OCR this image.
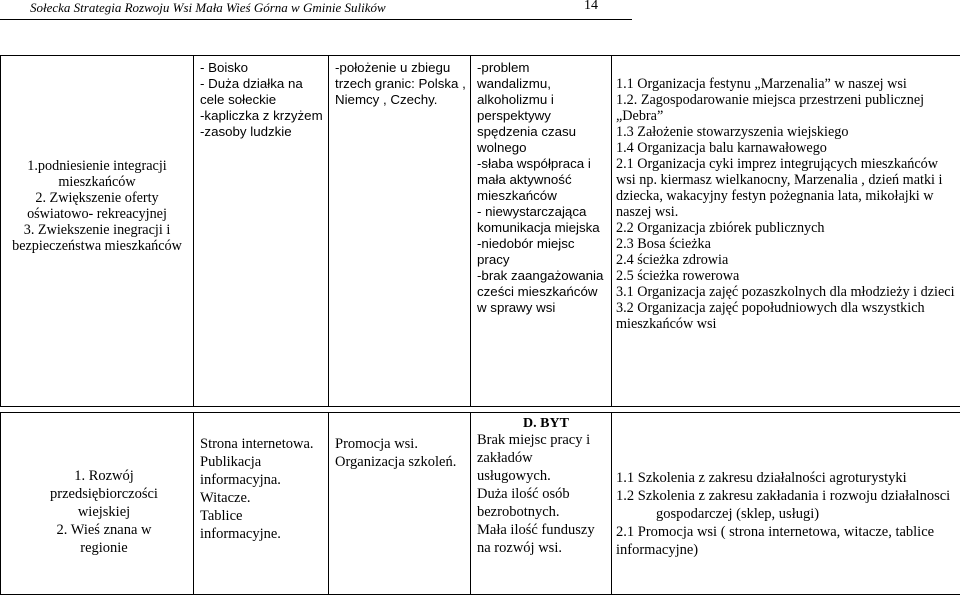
Sołecka Strategia Rozwoju Wsi Mała Wieś Górna w Gminie Sulików	14
1.podniesienie integracji mieszkańców
2. Zwiększenie oferty oświatowo- rekreacyjnej
3. Zwiekszenie inegracji i bezpieczeństwa mieszkańców

- Boisko
- Duża działka na cele sołeckie
-kapliczka z krzyżem
-zasoby ludzkie

-położenie u zbiegu trzech granic: Polska , Niemcy , Czechy.

-problem wandalizmu, alkoholizmu i perspektywy spędzenia czasu wolnego
-słaba współpraca i mała aktywność mieszkańców
- niewystarczająca komunikacja miejska
-niedobór miejsc pracy
-brak zaangażowania cześci mieszkańców w sprawy wsi

1.1 Organizacja festynu „Marzenalia” w naszej wsi
1.2. Zagospodarowanie miejsca przestrzeni publicznej „Debra”
1.3 Założenie stowarzyszenia wiejskiego
1.4 Organizacja balu karnawałowego
2.1 Organizacja cyki imprez integrujących mieszkańców wsi np. kiermasz wielkanocny, Marzenalia , dzień matki i dziecka, wakacyjny festyn pożegnania lata, mikołajki w naszej wsi.
2.2 Organizacja zbiórek publicznych
2.3 Bosa ścieżka
2.4 ścieżka zdrowia
2.5 ścieżka rowerowa
3.1 Organizacja zajęć pozaszkolnych dla młodzieży i dzieci
3.2 Organizacja zajęć popołudniowych dla wszystkich mieszkańców wsi
1. Rozwój przedsiębiorczości wiejskiej
2. Wieś znana w regionie

Strona internetowa.
Publikacja informacyjna.
Witacze.
Tablice informacyjne.

Promocja wsi.
Organizacja szkoleń.

D. BYT
Brak miejsc pracy i zakładów usługowych.
Duża ilość osób bezrobotnych.
Mała ilość funduszy na rozwój wsi.

1.1 Szkolenia z zakresu działalności agroturystyki
1.2 Szkolenia z zakresu zakładania i rozwoju działalnosci gospodarczej (sklep, usługi)
2.1 Promocja wsi ( strona internetowa, witacze, tablice informacyjne)
